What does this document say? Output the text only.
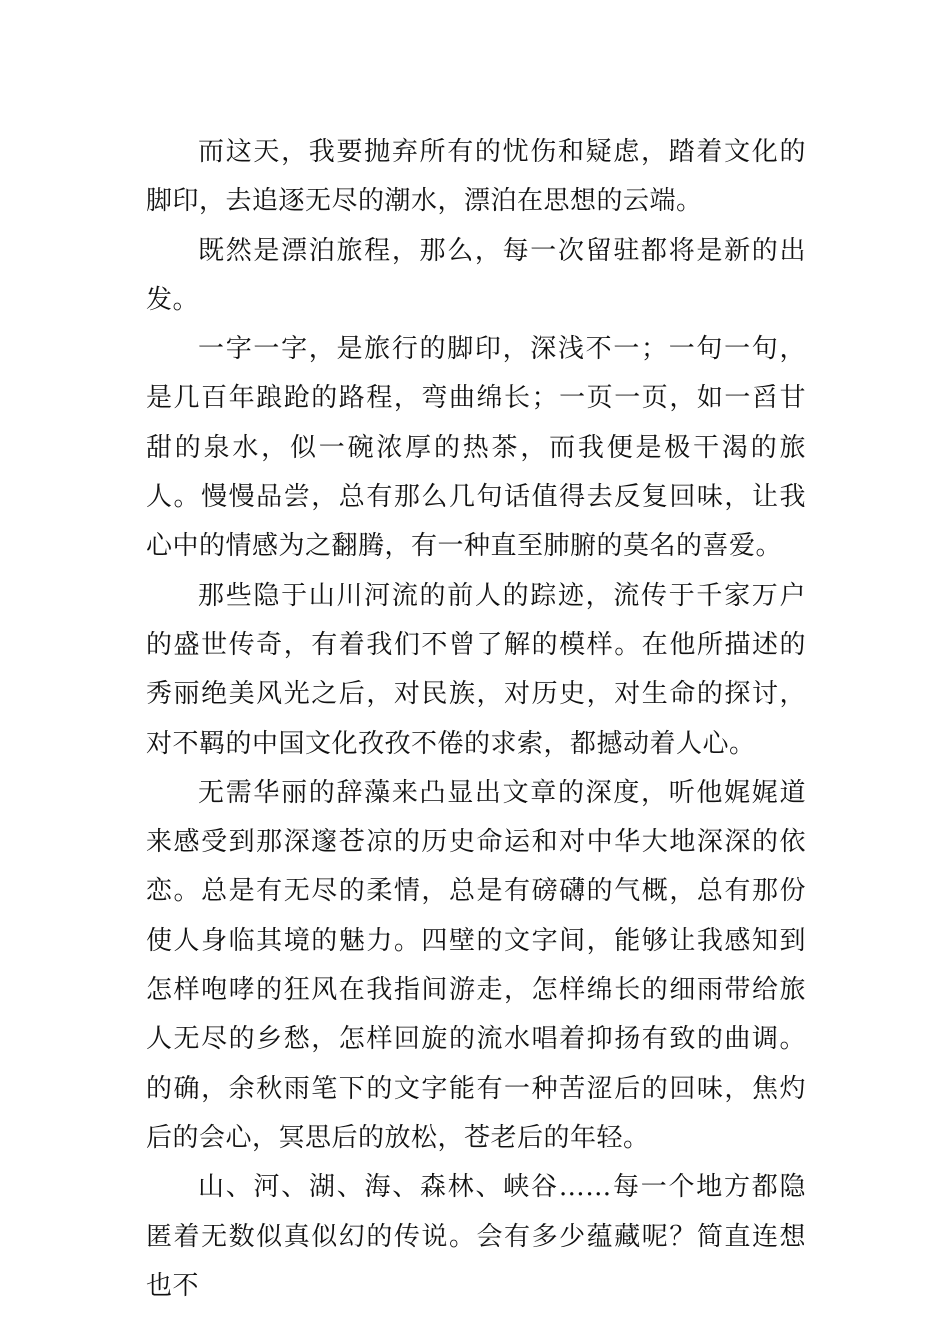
而这天，我要抛弃所有的忧伤和疑虑，踏着文化的脚印，去追逐无尽的潮水，漂泊在思想的云端。

既然是漂泊旅程，那么，每一次留驻都将是新的出发。

一字一字，是旅行的脚印，深浅不一；一句一句，是几百年踉跄的路程，弯曲绵长；一页一页，如一舀甘甜的泉水，似一碗浓厚的热茶，而我便是极干渴的旅人。慢慢品尝，总有那么几句话值得去反复回味，让我心中的情感为之翻腾，有一种直至肺腑的莫名的喜爱。

那些隐于山川河流的前人的踪迹，流传于千家万户的盛世传奇，有着我们不曾了解的模样。在他所描述的秀丽绝美风光之后，对民族，对历史，对生命的探讨，对不羁的中国文化孜孜不倦的求索，都撼动着人心。

无需华丽的辞藻来凸显出文章的深度，听他娓娓道来感受到那深邃苍凉的历史命运和对中华大地深深的依恋。总是有无尽的柔情，总是有磅礴的气概，总有那份使人身临其境的魅力。四壁的文字间，能够让我感知到怎样咆哮的狂风在我指间游走，怎样绵长的细雨带给旅人无尽的乡愁，怎样回旋的流水唱着抑扬有致的曲调。的确，余秋雨笔下的文字能有一种苦涩后的回味，焦灼后的会心，冥思后的放松，苍老后的年轻。

山、河、湖、海、森林、峡谷……每一个地方都隐匿着无数似真似幻的传说。会有多少蕴藏呢？简直连想也不
